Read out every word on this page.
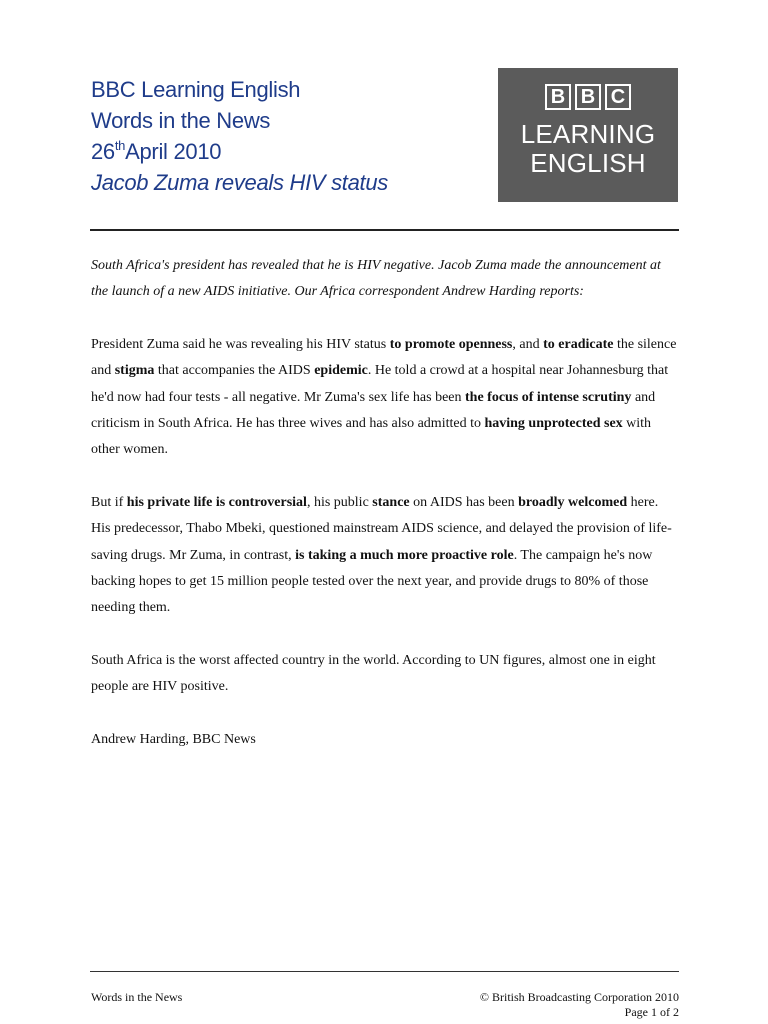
BBC Learning English
Words in the News
26thApril 2010
Jacob Zuma reveals HIV status
B B C
LEARNING
ENGLISH

South Africa's president has revealed that he is HIV negative. Jacob Zuma made the announcement at the launch of a new AIDS initiative. Our Africa correspondent Andrew Harding reports:

President Zuma said he was revealing his HIV status to promote openness, and to eradicate the silence and stigma that accompanies the AIDS epidemic. He told a crowd at a hospital near Johannesburg that he'd now had four tests - all negative. Mr Zuma's sex life has been the focus of intense scrutiny and criticism in South Africa. He has three wives and has also admitted to having unprotected sex with other women.

But if his private life is controversial, his public stance on AIDS has been broadly welcomed here. His predecessor, Thabo Mbeki, questioned mainstream AIDS science, and delayed the provision of life-saving drugs. Mr Zuma, in contrast, is taking a much more proactive role. The campaign he's now backing hopes to get 15 million people tested over the next year, and provide drugs to 80% of those needing them.

South Africa is the worst affected country in the world. According to UN figures, almost one in eight people are HIV positive.

Andrew Harding, BBC News

Words in the News	© British Broadcasting Corporation 2010
Page 1 of 2
